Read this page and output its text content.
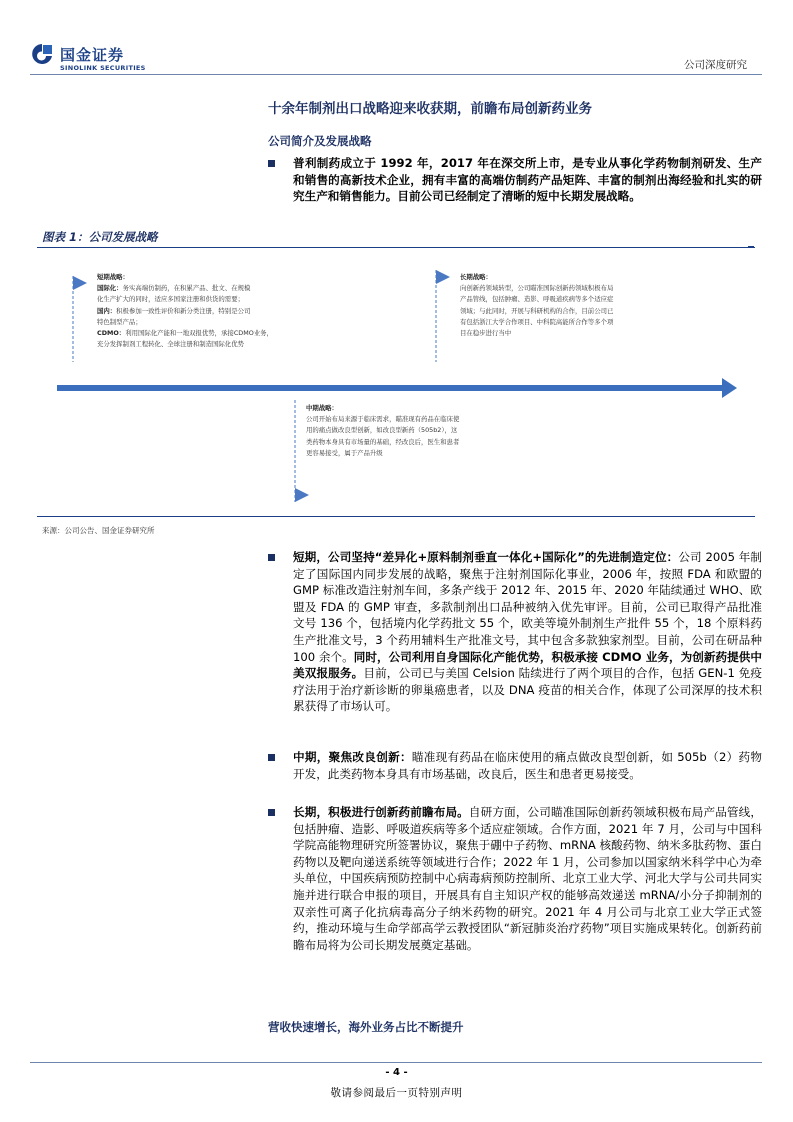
国金证券
SINOLINK SECURITIES	公司深度研究
十余年制剂出口战略迎来收获期，前瞻布局创新药业务
公司简介及发展战略
普利制药成立于 1992 年，2017 年在深交所上市，是专业从事化学药物制剂研发、生产和销售的高新技术企业，拥有丰富的高端仿制药产品矩阵、丰富的制剂出海经验和扎实的研究生产和销售能力。目前公司已经制定了清晰的短中长期发展战略。
图表 1：公司发展战略
短期战略：
国际化：务实高端仿制药，在积累产品、批文、在规模
化生产扩大的同时，适应多国家注册和供货的需要；
国内：积极参加一致性评价和新分类注册，特别是公司
特色制型产品；
CDMO：利用国际化产能和一地双报优势，承接CDMO业务，
充分发挥制剂工程转化、全球注册和制造国际化优势
长期战略：
向创新药领域转型，公司瞄准国际创新药领域积极布局
产品管线，包括肿瘤、造影、呼吸道疾病等多个适应症
领域；与此同时，开展与科研机构的合作，目前公司已
有包括浙江大学合作项目、中科院高能所合作等多个项
目在稳步进行当中
中期战略：
公司开始布局来源于临床需求，瞄准现有药品在临床使
用的痛点做改良型创新，如改良型新药（505b2），这
类药物本身具有市场量的基础，经改良后，医生和患者
更容易接受，属于产品升级
来源：公司公告、国金证券研究所
短期，公司坚持“差异化+原料制剂垂直一体化+国际化”的先进制造定位：公司 2005 年制定了国际国内同步发展的战略，聚焦于注射剂国际化事业，2006 年，按照 FDA 和欧盟的 GMP 标准改造注射剂车间，多条产线于 2012 年、2015 年、2020 年陆续通过 WHO、欧盟及 FDA 的 GMP 审查，多款制剂出口品种被纳入优先审评。目前，公司已取得产品批准文号 136 个，包括境内化学药批文 55 个，欧美等境外制剂生产批件 55 个，18 个原料药生产批准文号，3 个药用辅料生产批准文号，其中包含多款独家剂型。目前，公司在研品种 100 余个。同时，公司利用自身国际化产能优势，积极承接 CDMO 业务，为创新药提供中美双报服务。目前，公司已与美国 Celsion 陆续进行了两个项目的合作，包括 GEN-1 免疫疗法用于治疗新诊断的卵巢癌患者，以及 DNA 疫苗的相关合作，体现了公司深厚的技术积累获得了市场认可。
中期，聚焦改良创新：瞄准现有药品在临床使用的痛点做改良型创新，如 505b（2）药物开发，此类药物本身具有市场基础，改良后，医生和患者更易接受。
长期，积极进行创新药前瞻布局。自研方面，公司瞄准国际创新药领域积极布局产品管线，包括肿瘤、造影、呼吸道疾病等多个适应症领域。合作方面，2021 年 7 月，公司与中国科学院高能物理研究所签署协议，聚焦于硼中子药物、mRNA 核酸药物、纳米多肽药物、蛋白药物以及靶向递送系统等领域进行合作；2022 年 1 月，公司参加以国家纳米科学中心为牵头单位，中国疾病预防控制中心病毒病预防控制所、北京工业大学、河北大学与公司共同实施并进行联合申报的项目，开展具有自主知识产权的能够高效递送 mRNA/小分子抑制剂的双亲性可离子化抗病毒高分子纳米药物的研究。2021 年 4 月公司与北京工业大学正式签约，推动环境与生命学部高学云教授团队“新冠肺炎治疗药物”项目实施成果转化。创新药前瞻布局将为公司长期发展奠定基础。
营收快速增长，海外业务占比不断提升
- 4 -
敬请参阅最后一页特别声明
